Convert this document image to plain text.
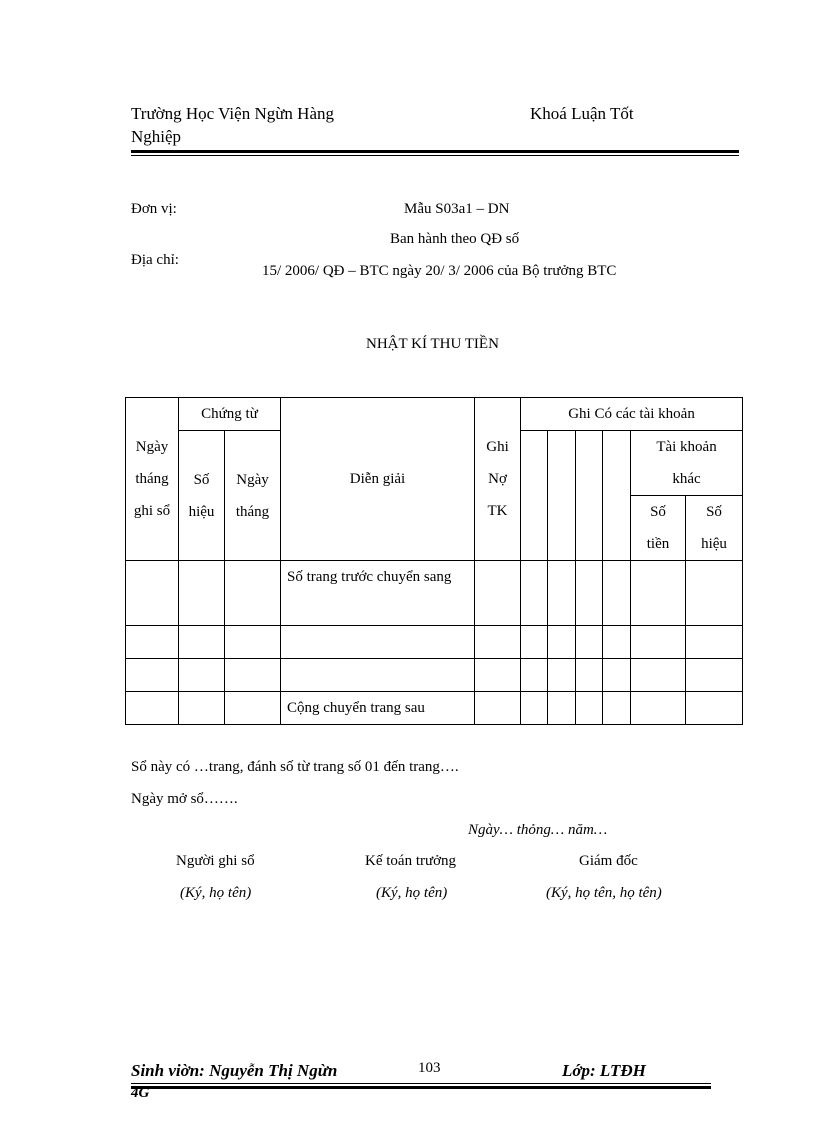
Trường Học Viện Ngừn Hàng	Khoá Luận Tốt
Nghiệp
Đơn vị:
Địa chỉ:
Mẫu S03a1 – DN
Ban hành theo QĐ số
15/ 2006/ QĐ – BTC ngày 20/ 3/ 2006 của Bộ trưởng BTC
NHẬT KÍ THU TIỀN
Ngày tháng ghi sổ	Chứng từ		Diễn giải	Ghi Nợ TK	Ghi Có các tài khoản					

	Số hiệu	Ngày tháng							Tài khoản khác	

									Số tiền	Số hiệu

			Số trang trước chuyển sang							

			Cộng chuyển trang sau							
Sổ này có …trang, đánh số từ trang số 01 đến trang….
Ngày mở sổ…….
Ngày… thỏng… năm…
Người ghi sổ	Kế toán trưởng	Giám đốc
(Ký, họ tên)	(Ký, họ tên)	(Ký, họ tên, họ tên)
Sinh viờn: Nguyễn Thị Ngừn	103	Lớp: LTĐH
4G
